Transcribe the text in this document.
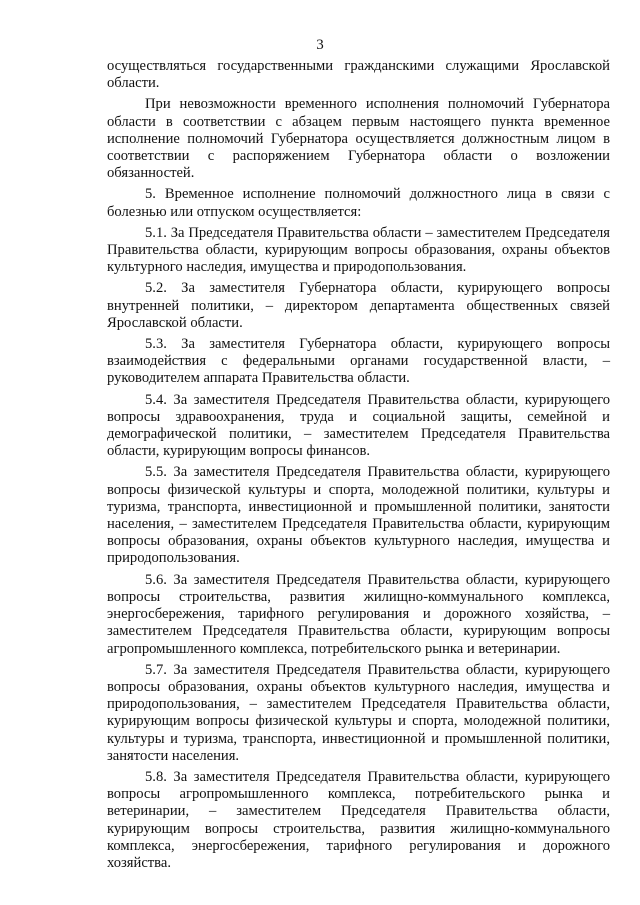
3

осуществляться государственными гражданскими служащими Ярославской области.

При невозможности временного исполнения полномочий Губернатора области в соответствии с абзацем первым настоящего пункта временное исполнение полномочий Губернатора осуществляется должностным лицом в соответствии с распоряжением Губернатора области о возложении обязанностей.

5. Временное исполнение полномочий должностного лица в связи с болезнью или отпуском осуществляется:

5.1. За Председателя Правительства области – заместителем Председателя Правительства области, курирующим вопросы образования, охраны объектов культурного наследия, имущества и природопользования.

5.2. За заместителя Губернатора области, курирующего вопросы внутренней политики, – директором департамента общественных связей Ярославской области.

5.3. За заместителя Губернатора области, курирующего вопросы взаимодействия с федеральными органами государственной власти, – руководителем аппарата Правительства области.

5.4. За заместителя Председателя Правительства области, курирующего вопросы здравоохранения, труда и социальной защиты, семейной и демографической политики, – заместителем Председателя Правительства области, курирующим вопросы финансов.

5.5. За заместителя Председателя Правительства области, курирующего вопросы физической культуры и спорта, молодежной политики, культуры и туризма, транспорта, инвестиционной и промышленной политики, занятости населения, – заместителем Председателя Правительства области, курирующим вопросы образования, охраны объектов культурного наследия, имущества и природопользования.

5.6. За заместителя Председателя Правительства области, курирующего вопросы строительства, развития жилищно-коммунального комплекса, энергосбережения, тарифного регулирования и дорожного хозяйства, – заместителем Председателя Правительства области, курирующим вопросы агропромышленного комплекса, потребительского рынка и ветеринарии.

5.7. За заместителя Председателя Правительства области, курирующего вопросы образования, охраны объектов культурного наследия, имущества и природопользования, – заместителем Председателя Правительства области, курирующим вопросы физической культуры и спорта, молодежной политики, культуры и туризма, транспорта, инвестиционной и промышленной политики, занятости населения.

5.8. За заместителя Председателя Правительства области, курирующего вопросы агропромышленного комплекса, потребительского рынка и ветеринарии, – заместителем Председателя Правительства области, курирующим вопросы строительства, развития жилищно-коммунального комплекса, энергосбережения, тарифного регулирования и дорожного хозяйства.
